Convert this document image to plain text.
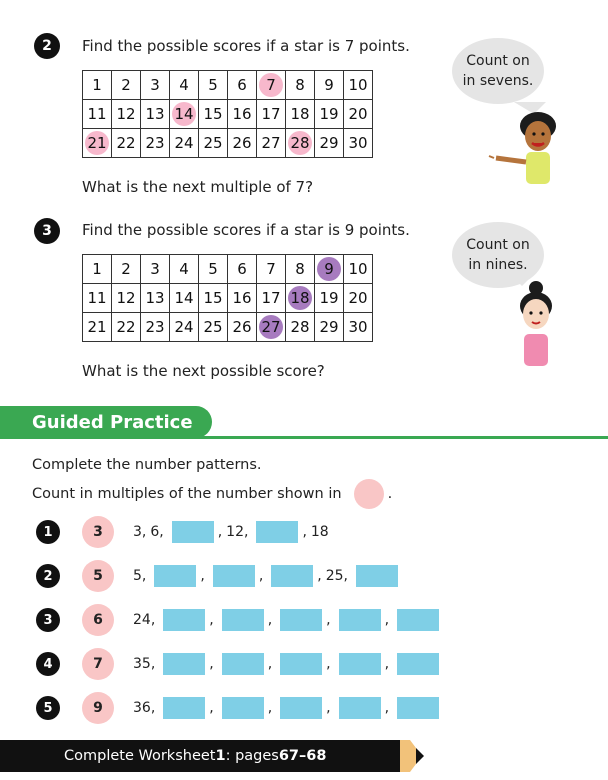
2	Find the possible scores if a star is 7 points.
1	2	3	4	5	6	7	8	9	10
11	12	13	14	15	16	17	18	19	20
21	22	23	24	25	26	27	28	29	30
What is the next multiple of 7?
Count on
in sevens.
3	Find the possible scores if a star is 9 points.
1	2	3	4	5	6	7	8	9	10
11	12	13	14	15	16	17	18	19	20
21	22	23	24	25	26	27	28	29	30
What is the next possible score?
Count on
in nines.
Guided Practice
Complete the number patterns.
Count in multiples of the number shown in	.
1	3	3, 6,	, 12,	, 18
2	5	5,	,	,	, 25,
3	6	24,	,	,	,	,
4	7	35,	,	,	,	,
5	9	36,	,	,	,	,
Complete Worksheet 1 : pages 67–68
